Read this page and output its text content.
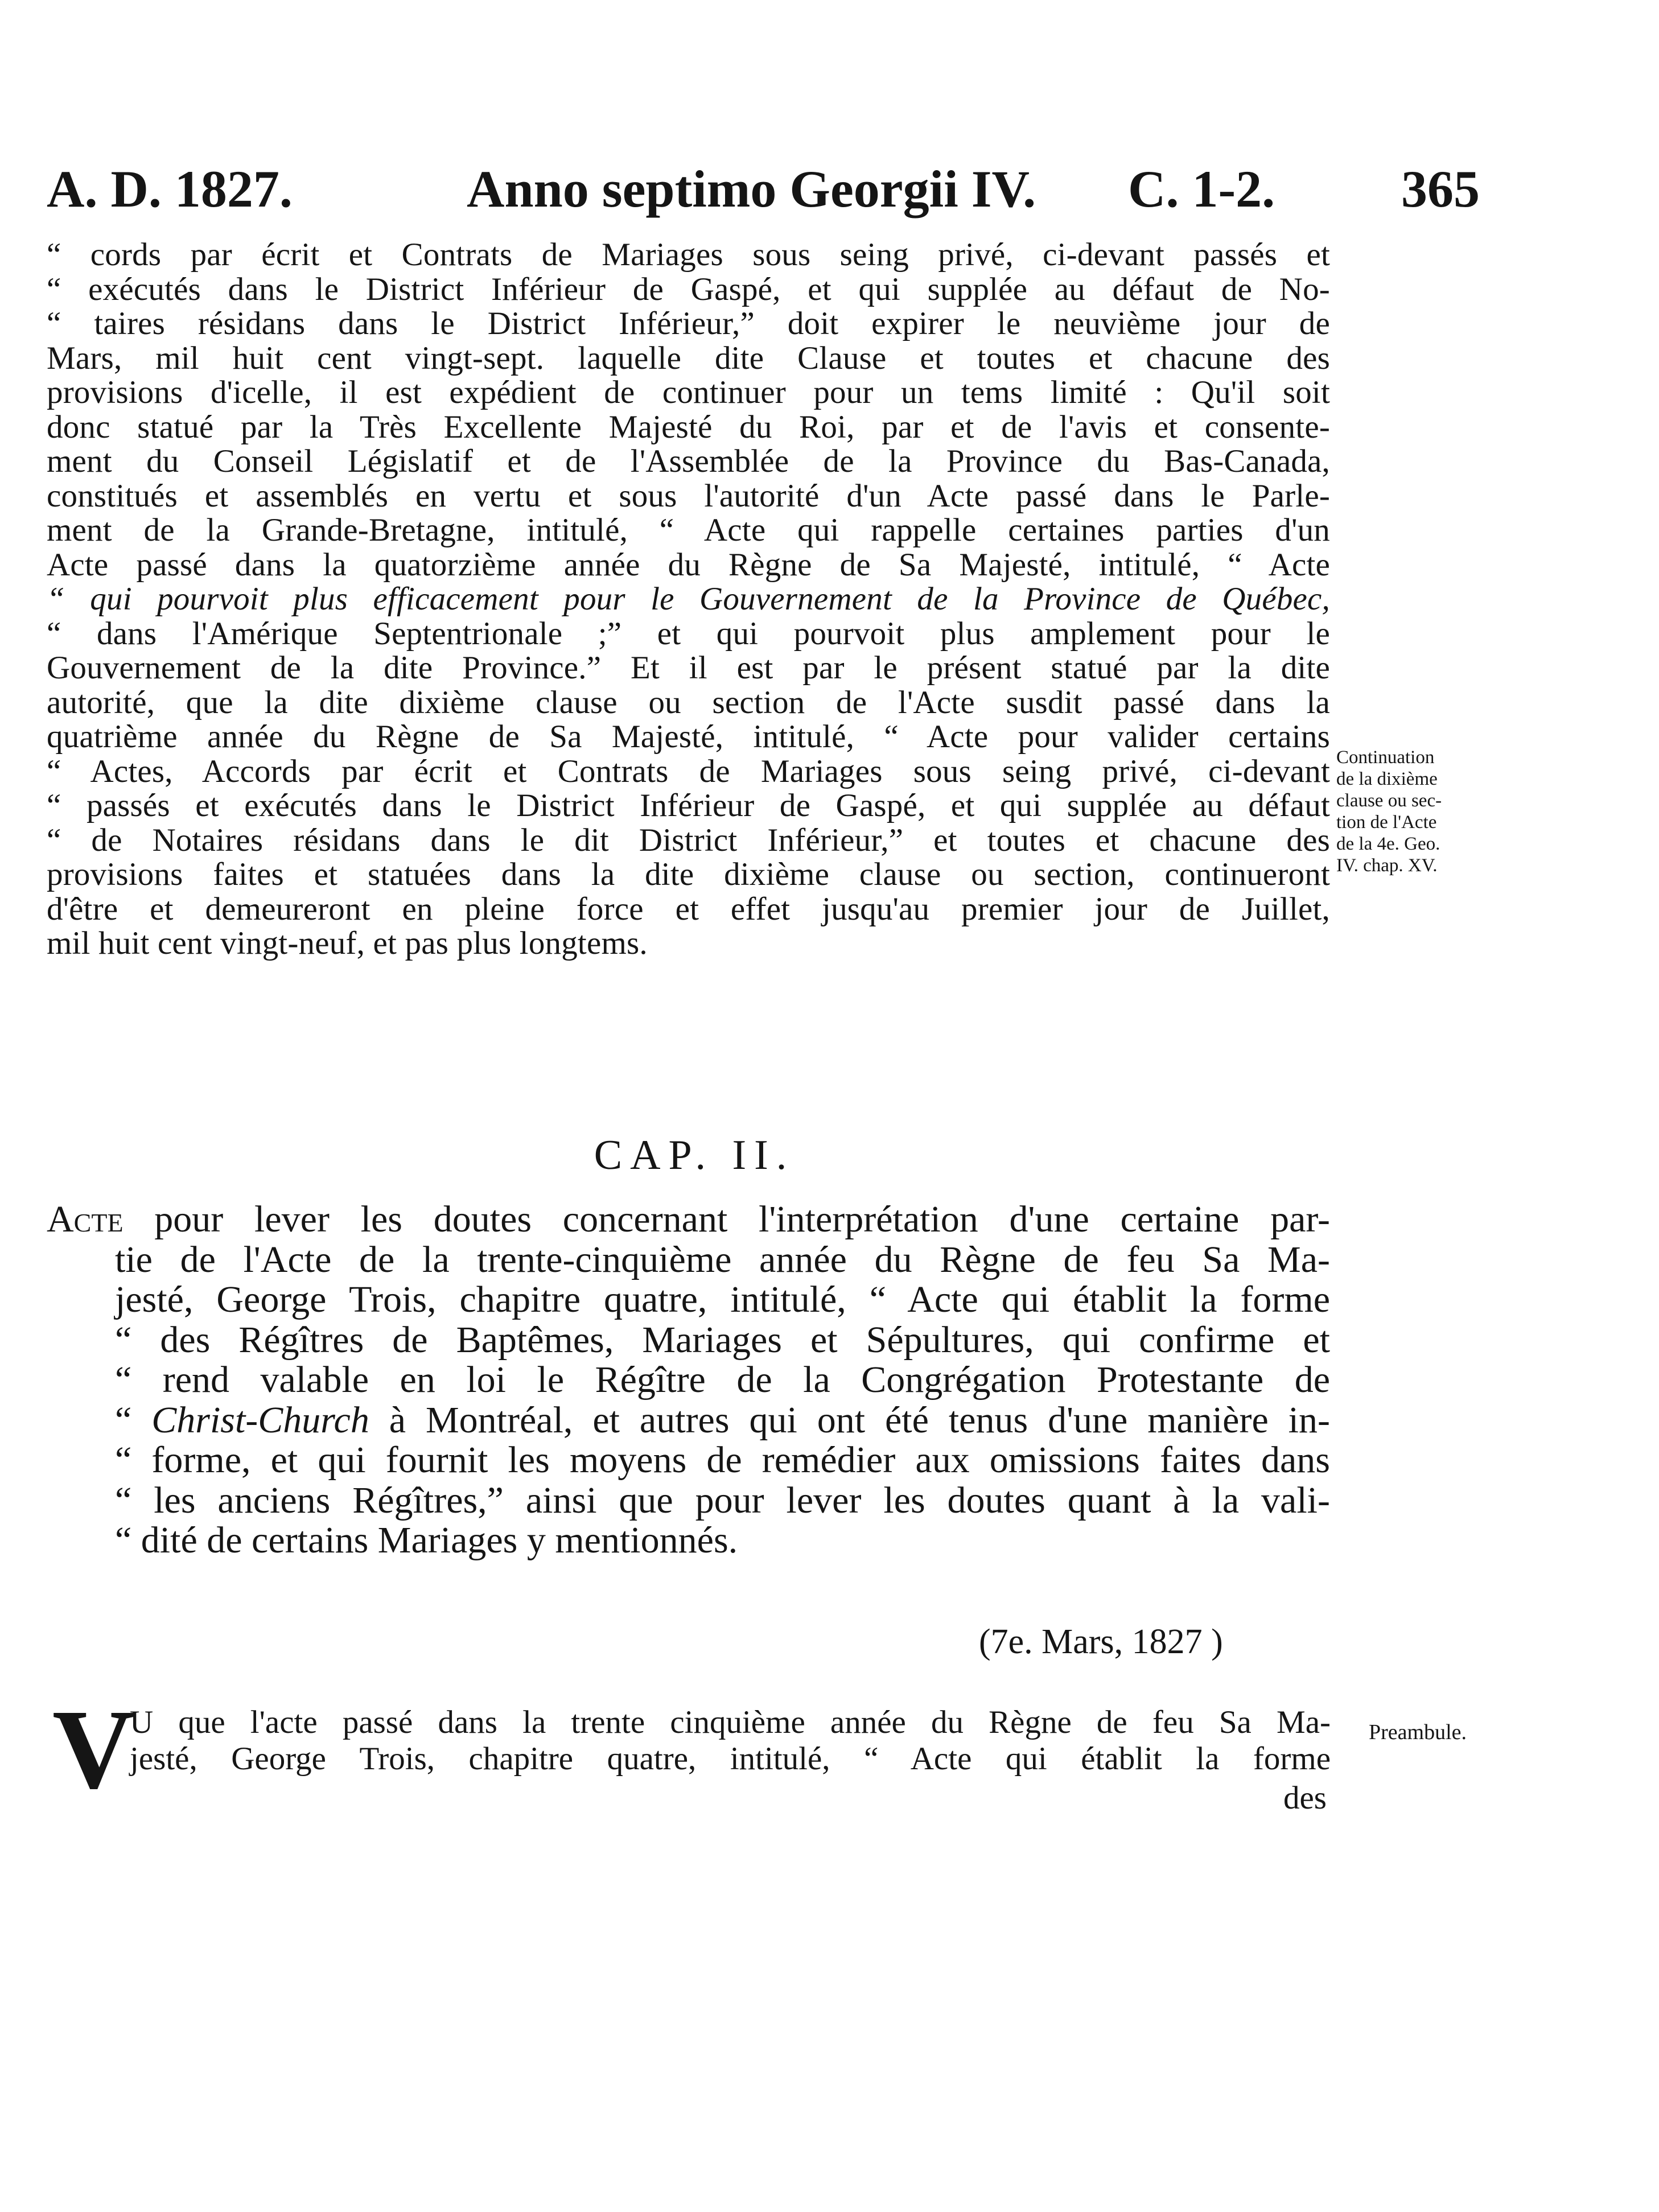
A. D. 1827.	Anno septimo Georgii IV. C. 1-2. 365
“ cords par écrit et Contrats de Mariages sous seing privé, ci-devant passés et
“ exécutés dans le District Inférieur de Gaspé, et qui supplée au défaut de No-
“ taires résidans dans le District Inférieur,” doit expirer le neuvième jour de
Mars, mil huit cent vingt-sept. laquelle dite Clause et toutes et chacune des
provisions d'icelle, il est expédient de continuer pour un tems limité : Qu'il soit
donc statué par la Très Excellente Majesté du Roi, par et de l'avis et consente-
ment du Conseil Législatif et de l'Assemblée de la Province du Bas-Canada,
constitués et assemblés en vertu et sous l'autorité d'un Acte passé dans le Parle-
ment de la Grande-Bretagne, intitulé, “ Acte qui rappelle certaines parties d'un
Acte passé dans la quatorzième année du Règne de Sa Majesté, intitulé, “ Acte
“ qui pourvoit plus efficacement pour le Gouvernement de la Province de Québec,
“ dans l'Amérique Septentrionale ;” et qui pourvoit plus amplement pour le
Gouvernement de la dite Province.” Et il est par le présent statué par la dite
autorité, que la dite dixième clause ou section de l'Acte susdit passé dans la
quatrième année du Règne de Sa Majesté, intitulé, “ Acte pour valider certains
“ Actes, Accords par écrit et Contrats de Mariages sous seing privé, ci-devant
“ passés et exécutés dans le District Inférieur de Gaspé, et qui supplée au défaut
“ de Notaires résidans dans le dit District Inférieur,” et toutes et chacune des
provisions faites et statuées dans la dite dixième clause ou section, continueront
d'être et demeureront en pleine force et effet jusqu'au premier jour de Juillet,
mil huit cent vingt-neuf, et pas plus longtems.
Continuation
de la dixième
clause ou sec-
tion de l'Acte
de la 4e. Geo.
IV. chap. XV.
CAP. II.
Acte pour lever les doutes concernant l'interprétation d'une certaine par-
tie de l'Acte de la trente-cinquième année du Règne de feu Sa Ma-
jesté, George Trois, chapitre quatre, intitulé, “ Acte qui établit la forme
“ des Régîtres de Baptêmes, Mariages et Sépultures, qui confirme et
“ rend valable en loi le Régître de la Congrégation Protestante de
“ Christ-Church à Montréal, et autres qui ont été tenus d'une manière in-
“ forme, et qui fournit les moyens de remédier aux omissions faites dans
“ les anciens Régîtres,” ainsi que pour lever les doutes quant à la vali-
“ dité de certains Mariages y mentionnés.
(7e. Mars, 1827 )
V
U que l'acte passé dans la trente cinquième année du Règne de feu Sa Ma-
jesté, George Trois, chapitre quatre, intitulé, “ Acte qui établit la forme
des
Preambule.
